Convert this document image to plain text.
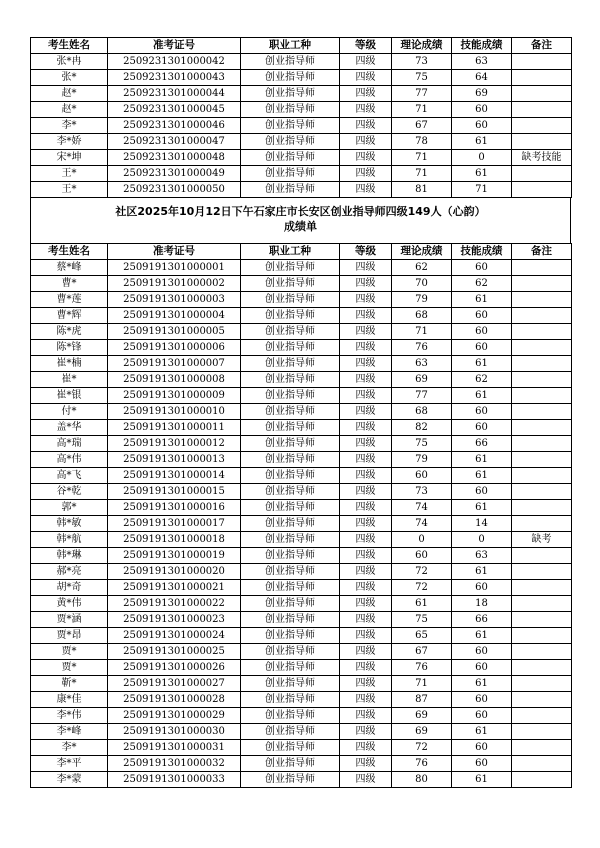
考生姓名	准考证号	职业工种	等级	理论成绩	技能成绩	备注
张*冉	2509231301000042	创业指导师	四级	73	63	
张*	2509231301000043	创业指导师	四级	75	64	
赵*	2509231301000044	创业指导师	四级	77	69	
赵*	2509231301000045	创业指导师	四级	71	60	
李*	2509231301000046	创业指导师	四级	67	60	
李*娇	2509231301000047	创业指导师	四级	78	61	
宋*坤	2509231301000048	创业指导师	四级	71	0	缺考技能
王*	2509231301000049	创业指导师	四级	71	61	
王*	2509231301000050	创业指导师	四级	81	71	
社区2025年10月12日下午石家庄市长安区创业指导师四级149人（心韵）
成绩单
考生姓名	准考证号	职业工种	等级	理论成绩	技能成绩	备注
蔡*峰	2509191301000001	创业指导师	四级	62	60	
曹*	2509191301000002	创业指导师	四级	70	62	
曹*莲	2509191301000003	创业指导师	四级	79	61	
曹*辉	2509191301000004	创业指导师	四级	68	60	
陈*虎	2509191301000005	创业指导师	四级	71	60	
陈*锋	2509191301000006	创业指导师	四级	76	60	
崔*楠	2509191301000007	创业指导师	四级	63	61	
崔*	2509191301000008	创业指导师	四级	69	62	
崔*银	2509191301000009	创业指导师	四级	77	61	
付*	2509191301000010	创业指导师	四级	68	60	
盖*华	2509191301000011	创业指导师	四级	82	60	
高*瑞	2509191301000012	创业指导师	四级	75	66	
高*伟	2509191301000013	创业指导师	四级	79	61	
高*飞	2509191301000014	创业指导师	四级	60	61	
谷*乾	2509191301000015	创业指导师	四级	73	60	
郭*	2509191301000016	创业指导师	四级	74	61	
韩*敏	2509191301000017	创业指导师	四级	74	14	
韩*航	2509191301000018	创业指导师	四级	0	0	缺考
韩*琳	2509191301000019	创业指导师	四级	60	63	
郝*亮	2509191301000020	创业指导师	四级	72	61	
胡*奇	2509191301000021	创业指导师	四级	72	60	
黄*伟	2509191301000022	创业指导师	四级	61	18	
贾*涵	2509191301000023	创业指导师	四级	75	66	
贾*昂	2509191301000024	创业指导师	四级	65	61	
贾*	2509191301000025	创业指导师	四级	67	60	
贾*	2509191301000026	创业指导师	四级	76	60	
靳*	2509191301000027	创业指导师	四级	71	61	
康*佳	2509191301000028	创业指导师	四级	87	60	
李*伟	2509191301000029	创业指导师	四级	69	60	
李*峰	2509191301000030	创业指导师	四级	69	61	
李*	2509191301000031	创业指导师	四级	72	60	
李*平	2509191301000032	创业指导师	四级	76	60	
李*蒙	2509191301000033	创业指导师	四级	80	61	
